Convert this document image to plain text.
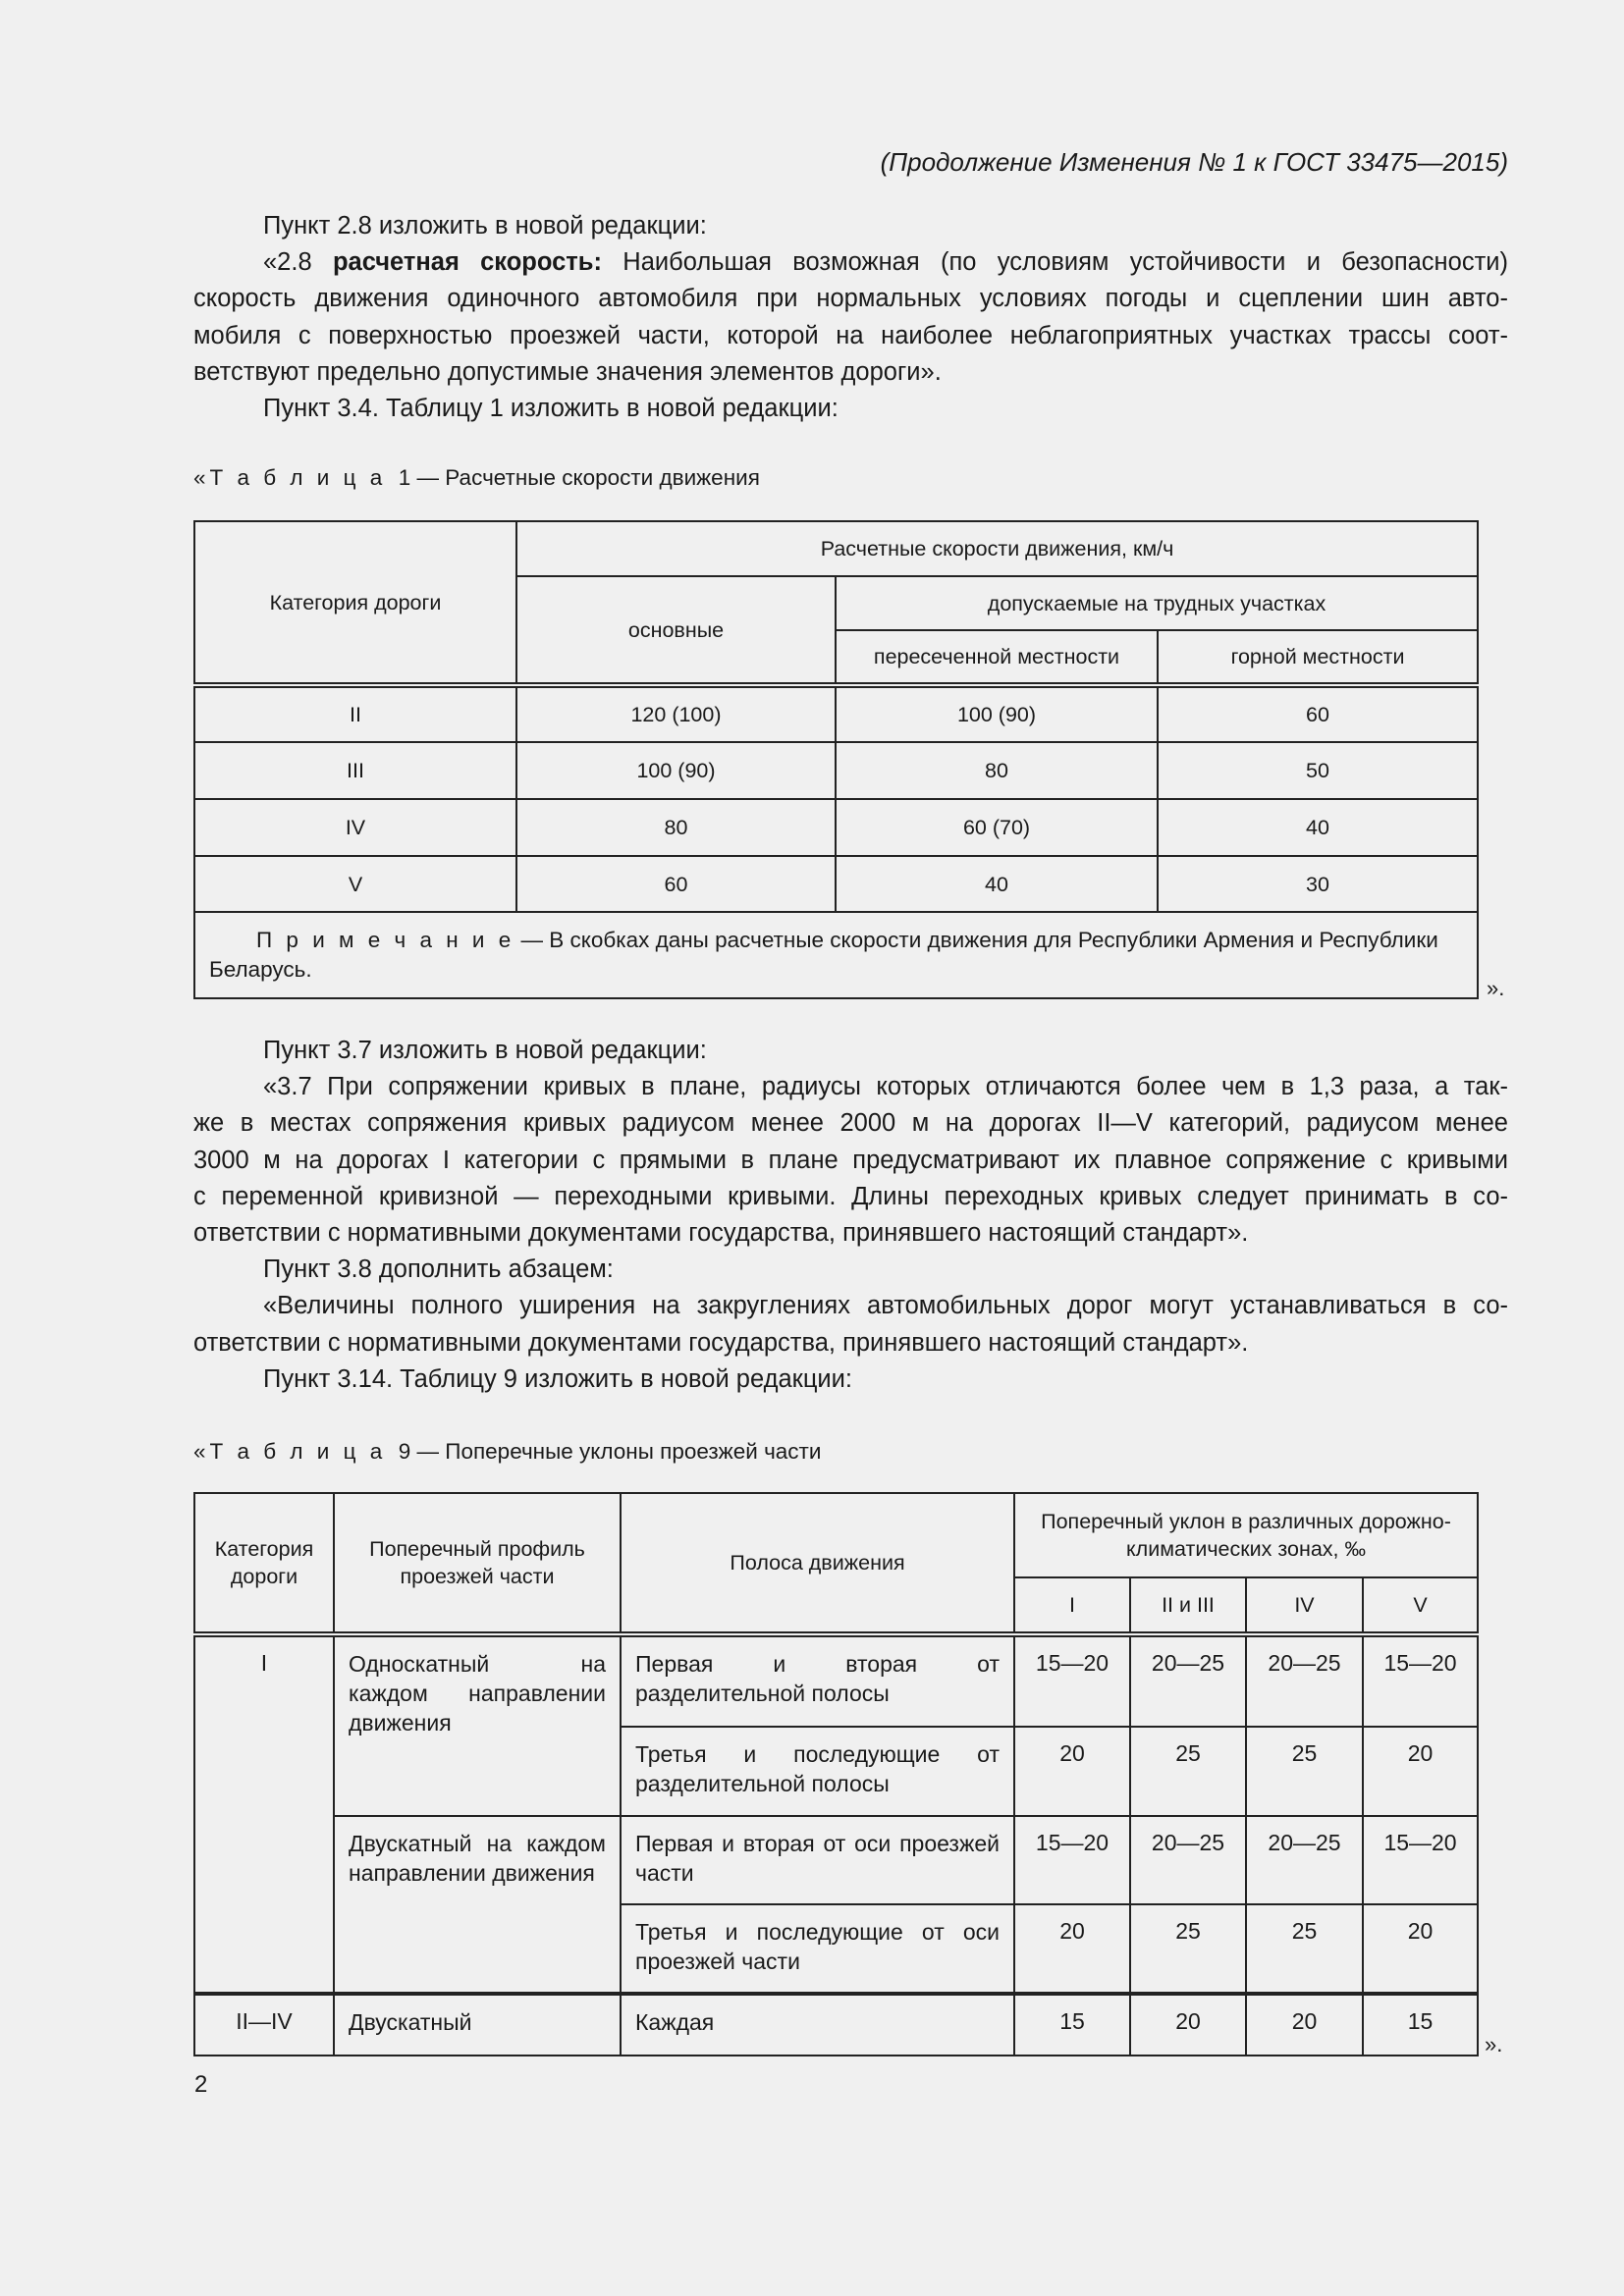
(Продолжение Изменения № 1 к ГОСТ 33475—2015)
Пункт 2.8 изложить в новой редакции:
«2.8 расчетная скорость: Наибольшая возможная (по условиям устойчивости и безопасности)
скорость движения одиночного автомобиля при нормальных условиях погоды и сцеплении шин авто-
мобиля с поверхностью проезжей части, которой на наиболее неблагоприятных участках трассы соот-
ветствуют предельно допустимые значения элементов дороги».
Пункт 3.4. Таблицу 1 изложить в новой редакции:
«Т а б л и ц а 1 — Расчетные скорости движения
Категория дороги	Расчетные скорости движения, км/ч		
	основные	допускаемые на трудных участках	
		пересеченной местности	горной местности
II	120 (100)	100 (90)	60
III	100 (90)	80	50
IV	80	60 (70)	40
V	60	40	30
П р и м е ч а н и е — В скобках даны расчетные скорости движения для Республики Армения и Республики Беларусь.			
».
Пункт 3.7 изложить в новой редакции:
«3.7 При сопряжении кривых в плане, радиусы которых отличаются более чем в 1,3 раза, а так-
же в местах сопряжения кривых радиусом менее 2000 м на дорогах II—V категорий, радиусом менее
3000 м на дорогах I категории с прямыми в плане предусматривают их плавное сопряжение с кривыми
с переменной кривизной — переходными кривыми. Длины переходных кривых следует принимать в со-
ответствии с нормативными документами государства, принявшего настоящий стандарт».
Пункт 3.8 дополнить абзацем:
«Величины полного уширения на закруглениях автомобильных дорог могут устанавливаться в со-
ответствии с нормативными документами государства, принявшего настоящий стандарт».
Пункт 3.14. Таблицу 9 изложить в новой редакции:
«Т а б л и ц а 9 — Поперечные уклоны проезжей части
Категория дороги	Поперечный профиль проезжей части	Полоса движения	Поперечный уклон в различных дорожно-климатических зонах, ‰			
			I	II и III	IV	V
I	Односкатный на каждом направлении движения	Первая и вторая от разделительной полосы	15—20	20—25	20—25	15—20
		Третья и последующие от разделительной полосы	20	25	25	20
	Двускатный на каждом направлении движения	Первая и вторая от оси проезжей части	15—20	20—25	20—25	15—20
		Третья и последующие от оси проезжей части	20	25	25	20
II—IV	Двускатный	Каждая	15	20	20	15
».
2
